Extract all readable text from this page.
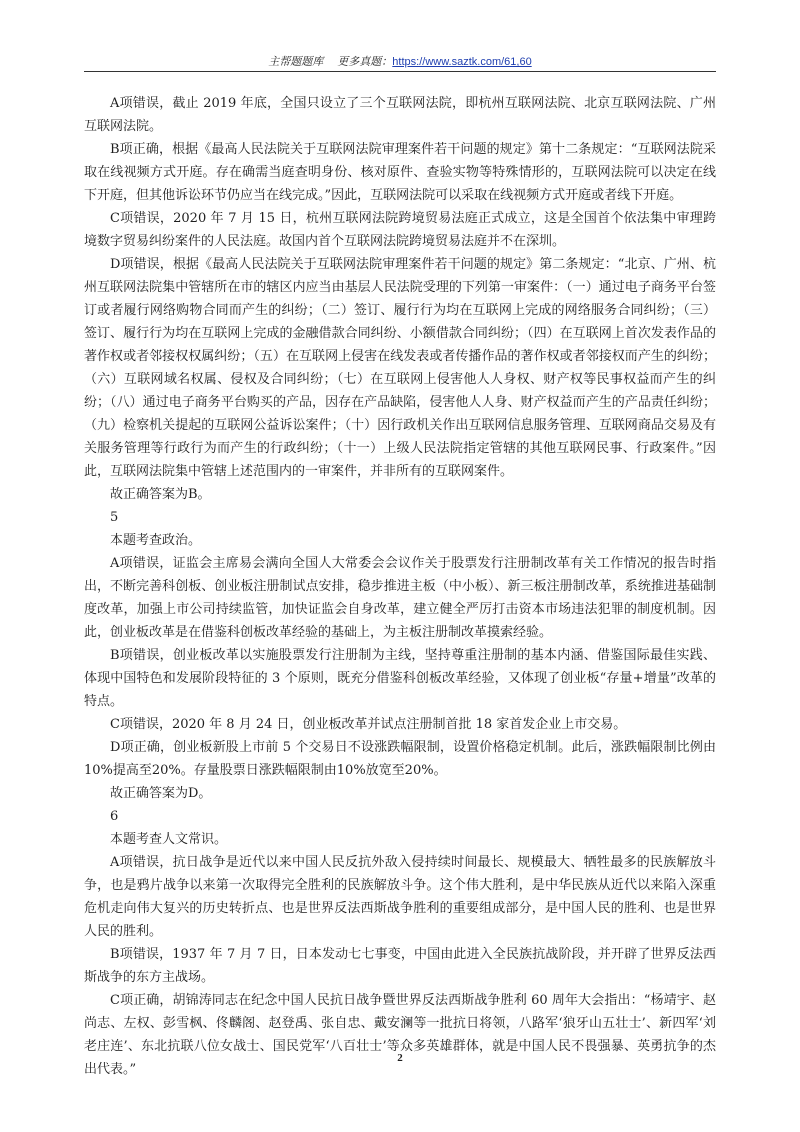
主帮题题库 更多真题：https://www.saztk.com/61,60

A项错误，截止 2019 年底，全国只设立了三个互联网法院，即杭州互联网法院、北京互联网法院、广州互联网法院。

B项正确，根据《最高人民法院关于互联网法院审理案件若干问题的规定》第十二条规定：“互联网法院采取在线视频方式开庭。存在确需当庭查明身份、核对原件、查验实物等特殊情形的，互联网法院可以决定在线下开庭，但其他诉讼环节仍应当在线完成。”因此，互联网法院可以采取在线视频方式开庭或者线下开庭。

C项错误，2020 年 7 月 15 日，杭州互联网法院跨境贸易法庭正式成立，这是全国首个依法集中审理跨境数字贸易纠纷案件的人民法庭。故国内首个互联网法院跨境贸易法庭并不在深圳。

D项错误，根据《最高人民法院关于互联网法院审理案件若干问题的规定》第二条规定：“北京、广州、杭州互联网法院集中管辖所在市的辖区内应当由基层人民法院受理的下列第一审案件：（一）通过电子商务平台签订或者履行网络购物合同而产生的纠纷；（二）签订、履行行为均在互联网上完成的网络服务合同纠纷；（三）签订、履行行为均在互联网上完成的金融借款合同纠纷、小额借款合同纠纷；（四）在互联网上首次发表作品的著作权或者邻接权权属纠纷；（五）在互联网上侵害在线发表或者传播作品的著作权或者邻接权而产生的纠纷；（六）互联网域名权属、侵权及合同纠纷；（七）在互联网上侵害他人人身权、财产权等民事权益而产生的纠纷；（八）通过电子商务平台购买的产品，因存在产品缺陷，侵害他人人身、财产权益而产生的产品责任纠纷；（九）检察机关提起的互联网公益诉讼案件；（十）因行政机关作出互联网信息服务管理、互联网商品交易及有关服务管理等行政行为而产生的行政纠纷；（十一）上级人民法院指定管辖的其他互联网民事、行政案件。”因此，互联网法院集中管辖上述范围内的一审案件，并非所有的互联网案件。

故正确答案为B。

5

本题考查政治。

A项错误，证监会主席易会满向全国人大常委会会议作关于股票发行注册制改革有关工作情况的报告时指出，不断完善科创板、创业板注册制试点安排，稳步推进主板（中小板）、新三板注册制改革，系统推进基础制度改革，加强上市公司持续监管，加快证监会自身改革，建立健全严厉打击资本市场违法犯罪的制度机制。因此，创业板改革是在借鉴科创板改革经验的基础上，为主板注册制改革摸索经验。

B项错误，创业板改革以实施股票发行注册制为主线，坚持尊重注册制的基本内涵、借鉴国际最佳实践、体现中国特色和发展阶段特征的 3 个原则，既充分借鉴科创板改革经验，又体现了创业板“存量+增量”改革的特点。

C项错误，2020 年 8 月 24 日，创业板改革并试点注册制首批 18 家首发企业上市交易。

D项正确，创业板新股上市前 5 个交易日不设涨跌幅限制，设置价格稳定机制。此后，涨跌幅限制比例由10%提高至20%。存量股票日涨跌幅限制由10%放宽至20%。

故正确答案为D。

6

本题考查人文常识。

A项错误，抗日战争是近代以来中国人民反抗外敌入侵持续时间最长、规模最大、牺牲最多的民族解放斗争，也是鸦片战争以来第一次取得完全胜利的民族解放斗争。这个伟大胜利，是中华民族从近代以来陷入深重危机走向伟大复兴的历史转折点、也是世界反法西斯战争胜利的重要组成部分，是中国人民的胜利、也是世界人民的胜利。

B项错误，1937 年 7 月 7 日，日本发动七七事变，中国由此进入全民族抗战阶段，并开辟了世界反法西斯战争的东方主战场。

C项正确，胡锦涛同志在纪念中国人民抗日战争暨世界反法西斯战争胜利 60 周年大会指出：“杨靖宇、赵尚志、左权、彭雪枫、佟麟阁、赵登禹、张自忠、戴安澜等一批抗日将领，八路军‘狼牙山五壮士’、新四军‘刘老庄连’、东北抗联八位女战士、国民党军‘八百壮士’等众多英雄群体，就是中国人民不畏强暴、英勇抗争的杰出代表。”

2
